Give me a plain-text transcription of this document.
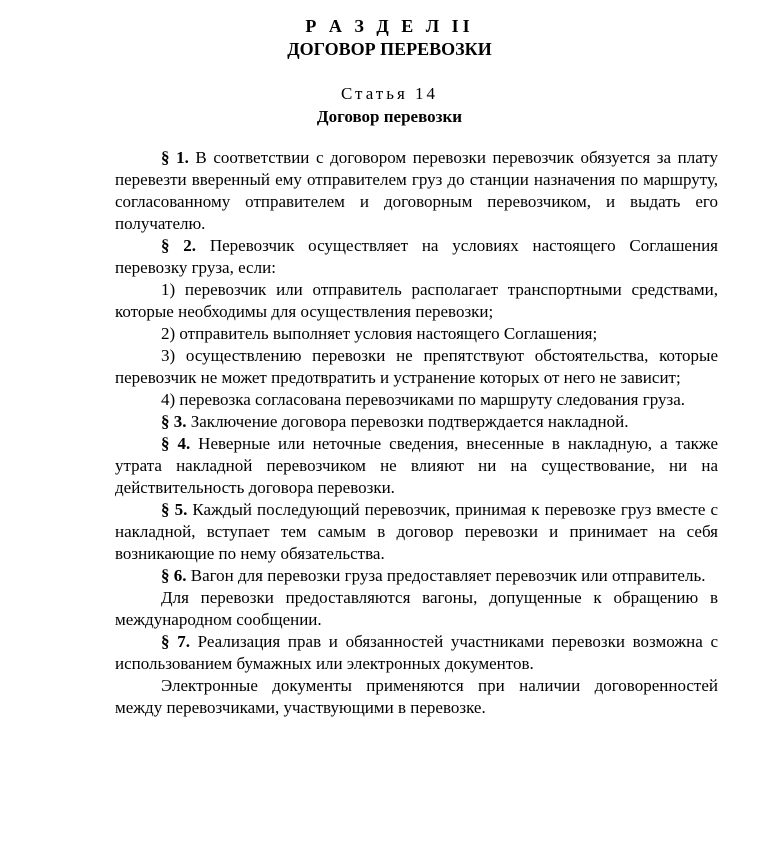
Р А З Д Е Л II
ДОГОВОР ПЕРЕВОЗКИ
Статья 14
Договор перевозки

§ 1. В соответствии с договором перевозки перевозчик обязуется за плату перевезти вверенный ему отправителем груз до станции назначения по маршруту, согласованному отправителем и договорным перевозчиком, и выдать его получателю.

§ 2. Перевозчик осуществляет на условиях настоящего Соглашения перевозку груза, если:

1) перевозчик или отправитель располагает транспортными средствами, которые необходимы для осуществления перевозки;

2) отправитель выполняет условия настоящего Соглашения;

3) осуществлению перевозки не препятствуют обстоятельства, которые перевозчик не может предотвратить и устранение которых от него не зависит;

4) перевозка согласована перевозчиками по маршруту следования груза.

§ 3. Заключение договора перевозки подтверждается накладной.

§ 4. Неверные или неточные сведения, внесенные в накладную, а также утрата накладной перевозчиком не влияют ни на существование, ни на действительность договора перевозки.

§ 5. Каждый последующий перевозчик, принимая к перевозке груз вместе с накладной, вступает тем самым в договор перевозки и принимает на себя возникающие по нему обязательства.

§ 6. Вагон для перевозки груза предоставляет перевозчик или отправитель.

Для перевозки предоставляются вагоны, допущенные к обращению в международном сообщении.

§ 7. Реализация прав и обязанностей участниками перевозки возможна с использованием бумажных или электронных документов.

Электронные документы применяются при наличии договоренностей между перевозчиками, участвующими в перевозке.
